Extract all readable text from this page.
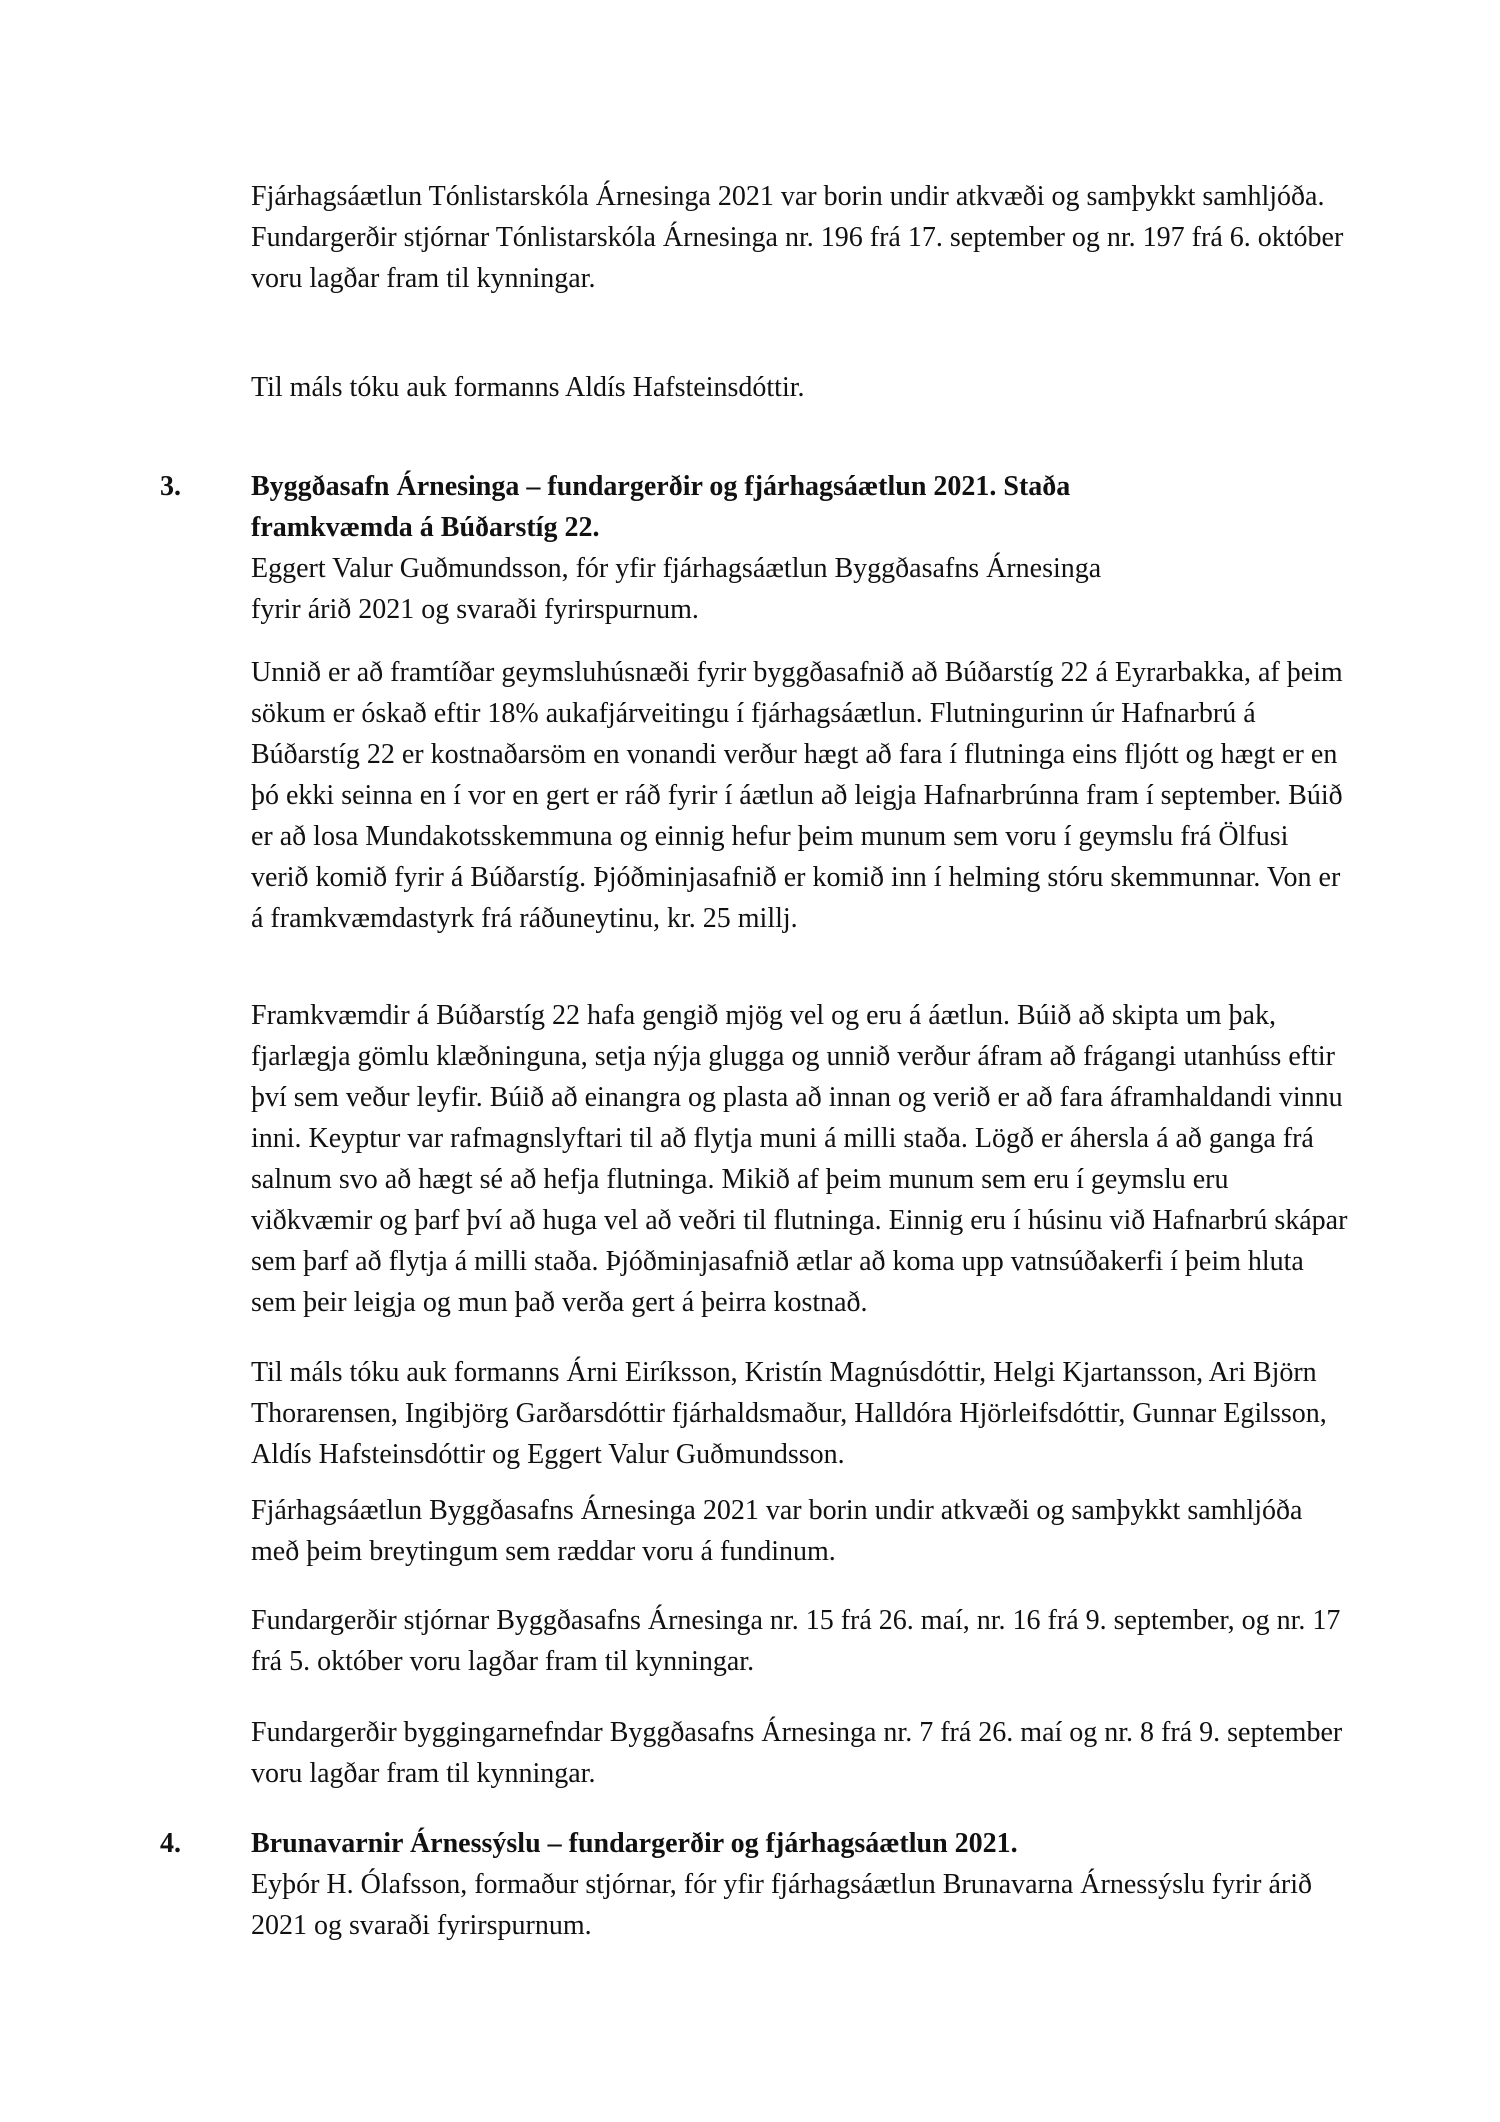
Fjárhagsáætlun Tónlistarskóla Árnesinga 2021 var borin undir atkvæði og samþykkt samhljóða.

Fundargerðir stjórnar Tónlistarskóla Árnesinga nr. 196 frá 17. september og nr. 197 frá 6. október voru lagðar fram til kynningar.

Til máls tóku auk formanns Aldís Hafsteinsdóttir.

3.	Byggðasafn Árnesinga – fundargerðir og fjárhagsáætlun 2021. Staða framkvæmda á Búðarstíg 22.

Eggert Valur Guðmundsson, fór yfir fjárhagsáætlun Byggðasafns Árnesinga fyrir árið 2021 og svaraði fyrirspurnum.

Unnið er að framtíðar geymsluhúsnæði fyrir byggðasafnið að Búðarstíg 22 á Eyrarbakka, af þeim sökum er óskað eftir 18% aukafjárveitingu í fjárhagsáætlun. Flutningurinn úr Hafnarbrú á Búðarstíg 22 er kostnaðarsöm en vonandi verður hægt að fara í flutninga eins fljótt og hægt er en þó ekki seinna en í vor en gert er ráð fyrir í áætlun að leigja Hafnarbrúnna fram í september. Búið er að losa Mundakotsskemmuna og einnig hefur þeim munum sem voru í geymslu frá Ölfusi verið komið fyrir á Búðarstíg. Þjóðminjasafnið er komið inn í helming stóru skemmunnar. Von er á framkvæmdastyrk frá ráðuneytinu, kr. 25 millj.

Framkvæmdir á Búðarstíg 22 hafa gengið mjög vel og eru á áætlun. Búið að skipta um þak, fjarlægja gömlu klæðninguna, setja nýja glugga og unnið verður áfram að frágangi utanhúss eftir því sem veður leyfir. Búið að einangra og plasta að innan og verið er að fara áframhaldandi vinnu inni. Keyptur var rafmagnslyftari til að flytja muni á milli staða. Lögð er áhersla á að ganga frá salnum svo að hægt sé að hefja flutninga. Mikið af þeim munum sem eru í geymslu eru viðkvæmir og þarf því að huga vel að veðri til flutninga. Einnig eru í húsinu við Hafnarbrú skápar sem þarf að flytja á milli staða. Þjóðminjasafnið ætlar að koma upp vatnsúðakerfi í þeim hluta sem þeir leigja og mun það verða gert á þeirra kostnað.

Til máls tóku auk formanns Árni Eiríksson, Kristín Magnúsdóttir, Helgi Kjartansson, Ari Björn Thorarensen, Ingibjörg Garðarsdóttir fjárhaldsmaður, Halldóra Hjörleifsdóttir, Gunnar Egilsson, Aldís Hafsteinsdóttir og Eggert Valur Guðmundsson.

Fjárhagsáætlun Byggðasafns Árnesinga 2021 var borin undir atkvæði og samþykkt samhljóða með þeim breytingum sem ræddar voru á fundinum.

Fundargerðir stjórnar Byggðasafns Árnesinga nr. 15 frá 26. maí, nr. 16 frá 9. september, og nr. 17 frá 5. október voru lagðar fram til kynningar.

Fundargerðir byggingarnefndar Byggðasafns Árnesinga nr. 7 frá 26. maí og nr. 8 frá 9. september voru lagðar fram til kynningar.

4.	Brunavarnir Árnessýslu – fundargerðir og fjárhagsáætlun 2021.

Eyþór H. Ólafsson, formaður stjórnar, fór yfir fjárhagsáætlun Brunavarna Árnessýslu fyrir árið 2021 og svaraði fyrirspurnum.
